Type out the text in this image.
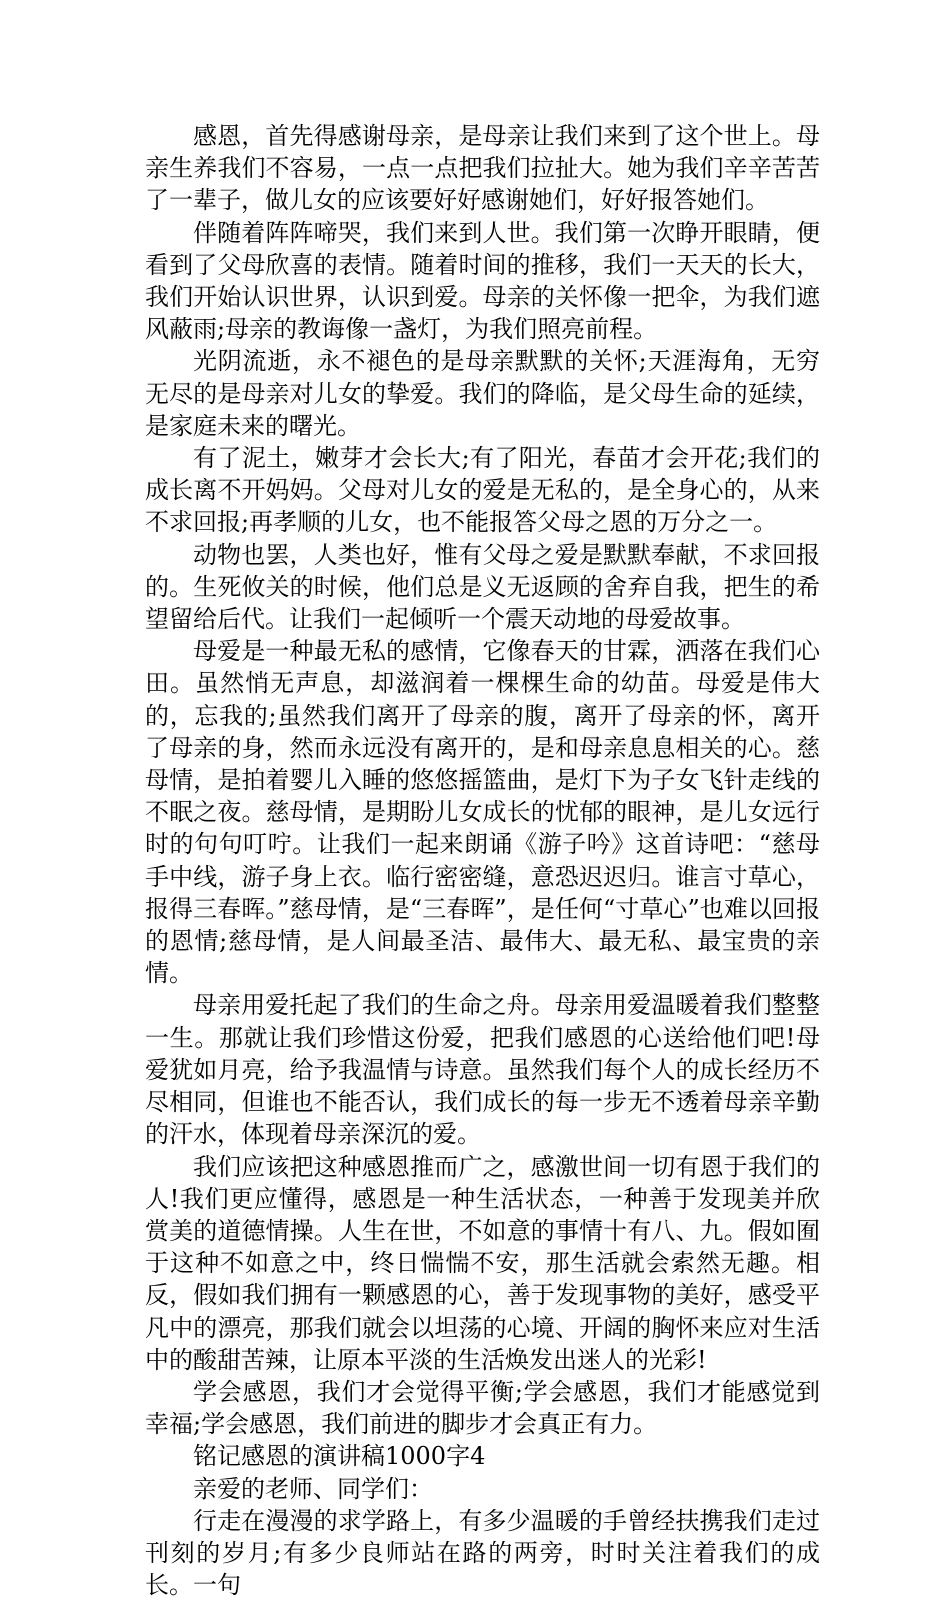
感恩，首先得感谢母亲，是母亲让我们来到了这个世上。母亲生养我们不容易，一点一点把我们拉扯大。她为我们辛辛苦苦了一辈子，做儿女的应该要好好感谢她们，好好报答她们。

伴随着阵阵啼哭，我们来到人世。我们第一次睁开眼睛，便看到了父母欣喜的表情。随着时间的推移，我们一天天的长大，我们开始认识世界，认识到爱。母亲的关怀像一把伞，为我们遮风蔽雨;母亲的教诲像一盏灯，为我们照亮前程。

光阴流逝，永不褪色的是母亲默默的关怀;天涯海角，无穷无尽的是母亲对儿女的挚爱。我们的降临，是父母生命的延续，是家庭未来的曙光。

有了泥土，嫩芽才会长大;有了阳光，春苗才会开花;我们的成长离不开妈妈。父母对儿女的爱是无私的，是全身心的，从来不求回报;再孝顺的儿女，也不能报答父母之恩的万分之一。

动物也罢，人类也好，惟有父母之爱是默默奉献，不求回报的。生死攸关的时候，他们总是义无返顾的舍弃自我，把生的希望留给后代。让我们一起倾听一个震天动地的母爱故事。

母爱是一种最无私的感情，它像春天的甘霖，洒落在我们心田。虽然悄无声息，却滋润着一棵棵生命的幼苗。母爱是伟大的，忘我的;虽然我们离开了母亲的腹，离开了母亲的怀，离开了母亲的身，然而永远没有离开的，是和母亲息息相关的心。慈母情，是拍着婴儿入睡的悠悠摇篮曲，是灯下为子女飞针走线的不眠之夜。慈母情，是期盼儿女成长的忧郁的眼神，是儿女远行时的句句叮咛。让我们一起来朗诵《游子吟》这首诗吧：“慈母手中线，游子身上衣。临行密密缝，意恐迟迟归。谁言寸草心，报得三春晖。”慈母情，是“三春晖”，是任何“寸草心”也难以回报的恩情;慈母情，是人间最圣洁、最伟大、最无私、最宝贵的亲情。

母亲用爱托起了我们的生命之舟。母亲用爱温暖着我们整整一生。那就让我们珍惜这份爱，把我们感恩的心送给他们吧!母爱犹如月亮，给予我温情与诗意。虽然我们每个人的成长经历不尽相同，但谁也不能否认，我们成长的每一步无不透着母亲辛勤的汗水，体现着母亲深沉的爱。

我们应该把这种感恩推而广之，感激世间一切有恩于我们的人!我们更应懂得，感恩是一种生活状态，一种善于发现美并欣赏美的道德情操。人生在世，不如意的事情十有八、九。假如囿于这种不如意之中，终日惴惴不安，那生活就会索然无趣。相反，假如我们拥有一颗感恩的心，善于发现事物的美好，感受平凡中的漂亮，那我们就会以坦荡的心境、开阔的胸怀来应对生活中的酸甜苦辣，让原本平淡的生活焕发出迷人的光彩!

学会感恩，我们才会觉得平衡;学会感恩，我们才能感觉到幸福;学会感恩，我们前进的脚步才会真正有力。

铭记感恩的演讲稿1000字4

亲爱的老师、同学们：

行走在漫漫的求学路上，有多少温暖的手曾经扶携我们走过刊刻的岁月;有多少良师站在路的两旁，时时关注着我们的成长。一句
